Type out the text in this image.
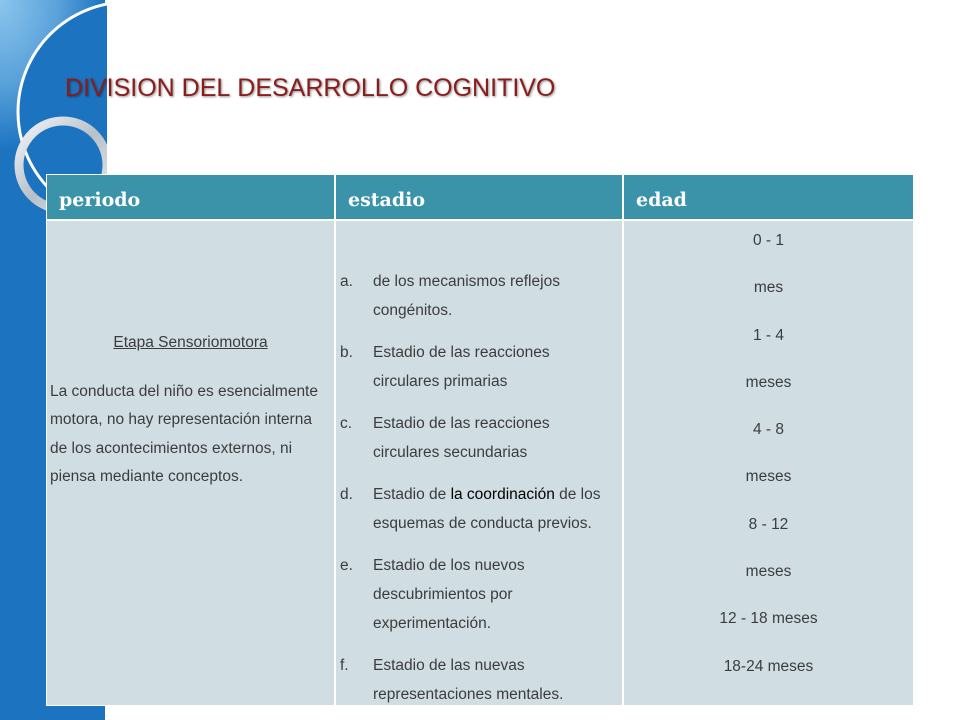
DIVISION DEL DESARROLLO COGNITIVO
periodo	estadio	edad
Etapa Sensoriomotora
La conducta del niño es esencialmente motora, no hay representación interna de los acontecimientos externos, ni piensa mediante conceptos.
a. de los mecanismos reflejos congénitos.
b. Estadio de las reacciones circulares primarias
c. Estadio de las reacciones circulares secundarias
d. Estadio de la coordinación de los esquemas de conducta previos.
e. Estadio de los nuevos descubrimientos por experimentación.
f. Estadio de las nuevas representaciones mentales.
0 - 1
mes
1 - 4
meses
4 - 8
meses
8 - 12
meses
12 - 18 meses
18-24 meses
